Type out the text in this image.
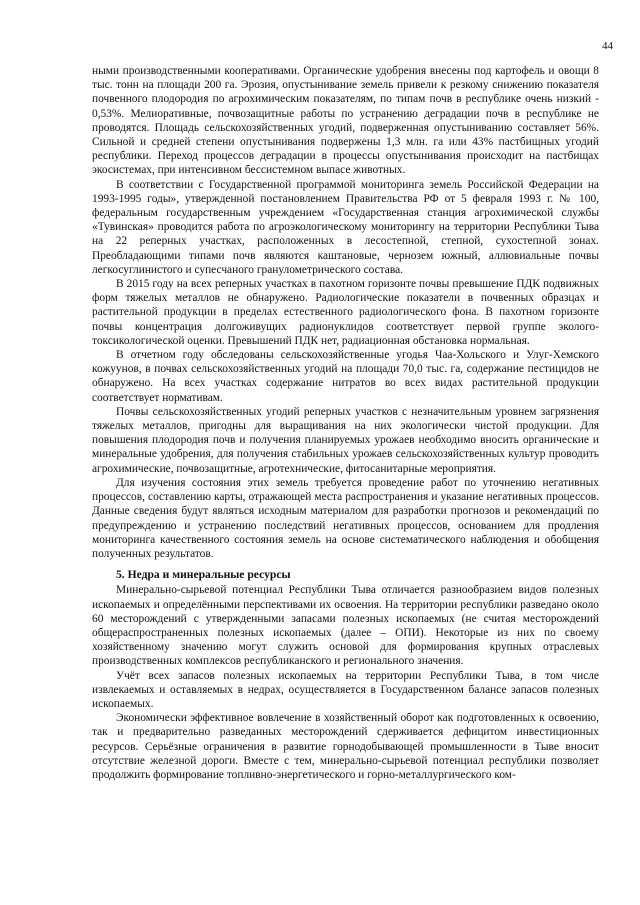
44

ными производственными кооперативами. Органические удобрения внесены под картофель и овощи 8 тыс. тонн на площади 200 га. Эрозия, опустынивание земель привели к резкому снижению показателя почвенного плодородия по агрохимическим показателям, по типам почв в республике очень низкий - 0,53%. Мелиоративные, почвозащитные работы по устранению деградации почв в республике не проводятся. Площадь сельскохозяйственных угодий, подверженная опустыниванию составляет 56%. Сильной и средней степени опустынивания подвержены 1,3 млн. га или 43% пастбищных угодий республики. Переход процессов деградации в процессы опустынивания происходит на пастбищах экосистемах, при интенсивном бессистемном выпасе животных.

В соответствии с Государственной программой мониторинга земель Российской Федерации на 1993-1995 годы», утвержденной постановлением Правительства РФ от 5 февраля 1993 г. № 100, федеральным государственным учреждением «Государственная станция агрохимической службы «Тувинская» проводится работа по агроэкологическому мониторингу на территории Республики Тыва на 22 реперных участках, расположенных в лесостепной, степной, сухостепной зонах. Преобладающими типами почв являются каштановые, чернозем южный, аллювиальные почвы легкосуглинистого и супесчаного гранулометрического состава.

В 2015 году на всех реперных участках в пахотном горизонте почвы превышение ПДК подвижных форм тяжелых металлов не обнаружено. Радиологические показатели в почвенных образцах и растительной продукции в пределах естественного радиологического фона. В пахотном горизонте почвы концентрация долгоживущих радионуклидов соответствует первой группе эколого-токсикологической оценки. Превышений ПДК нет, радиационная обстановка нормальная.

В отчетном году обследованы сельскохозяйственные угодья Чаа-Хольского и Улуг-Хемского кожуунов, в почвах сельскохозяйственных угодий на площади 70,0 тыс. га, содержание пестицидов не обнаружено. На всех участках содержание нитратов во всех видах растительной продукции соответствует нормативам.

Почвы сельскохозяйственных угодий реперных участков с незначительным уровнем загрязнения тяжелых металлов, пригодны для выращивания на них экологически чистой продукции. Для повышения плодородия почв и получения планируемых урожаев необходимо вносить органические и минеральные удобрения, для получения стабильных урожаев сельскохозяйственных культур проводить агрохимические, почвозащитные, агротехнические, фитосанитарные мероприятия.

Для изучения состояния этих земель требуется проведение работ по уточнению негативных процессов, составлению карты, отражающей места распространения и указание негативных процессов. Данные сведения будут являться исходным материалом для разработки прогнозов и рекомендаций по предупреждению и устранению последствий негативных процессов, основанием для продления мониторинга качественного состояния земель на основе систематического наблюдения и обобщения полученных результатов.

5. Недра и минеральные ресурсы

Минерально-сырьевой потенциал Республики Тыва отличается разнообразием видов полезных ископаемых и определёнными перспективами их освоения. На территории республики разведано около 60 месторождений с утвержденными запасами полезных ископаемых (не считая месторождений общераспространенных полезных ископаемых (далее – ОПИ). Некоторые из них по своему хозяйственному значению могут служить основой для формирования крупных отраслевых производственных комплексов республиканского и регионального значения.

Учёт всех запасов полезных ископаемых на территории Республики Тыва, в том числе извлекаемых и оставляемых в недрах, осуществляется в Государственном балансе запасов полезных ископаемых.

Экономически эффективное вовлечение в хозяйственный оборот как подготовленных к освоению, так и предварительно разведанных месторождений сдерживается дефицитом инвестиционных ресурсов. Серьёзные ограничения в развитие горнодобывающей промышленности в Тыве вносит отсутствие железной дороги. Вместе с тем, минерально-сырьевой потенциал республики позволяет продолжить формирование топливно-энергетического и горно-металлургического ком-
